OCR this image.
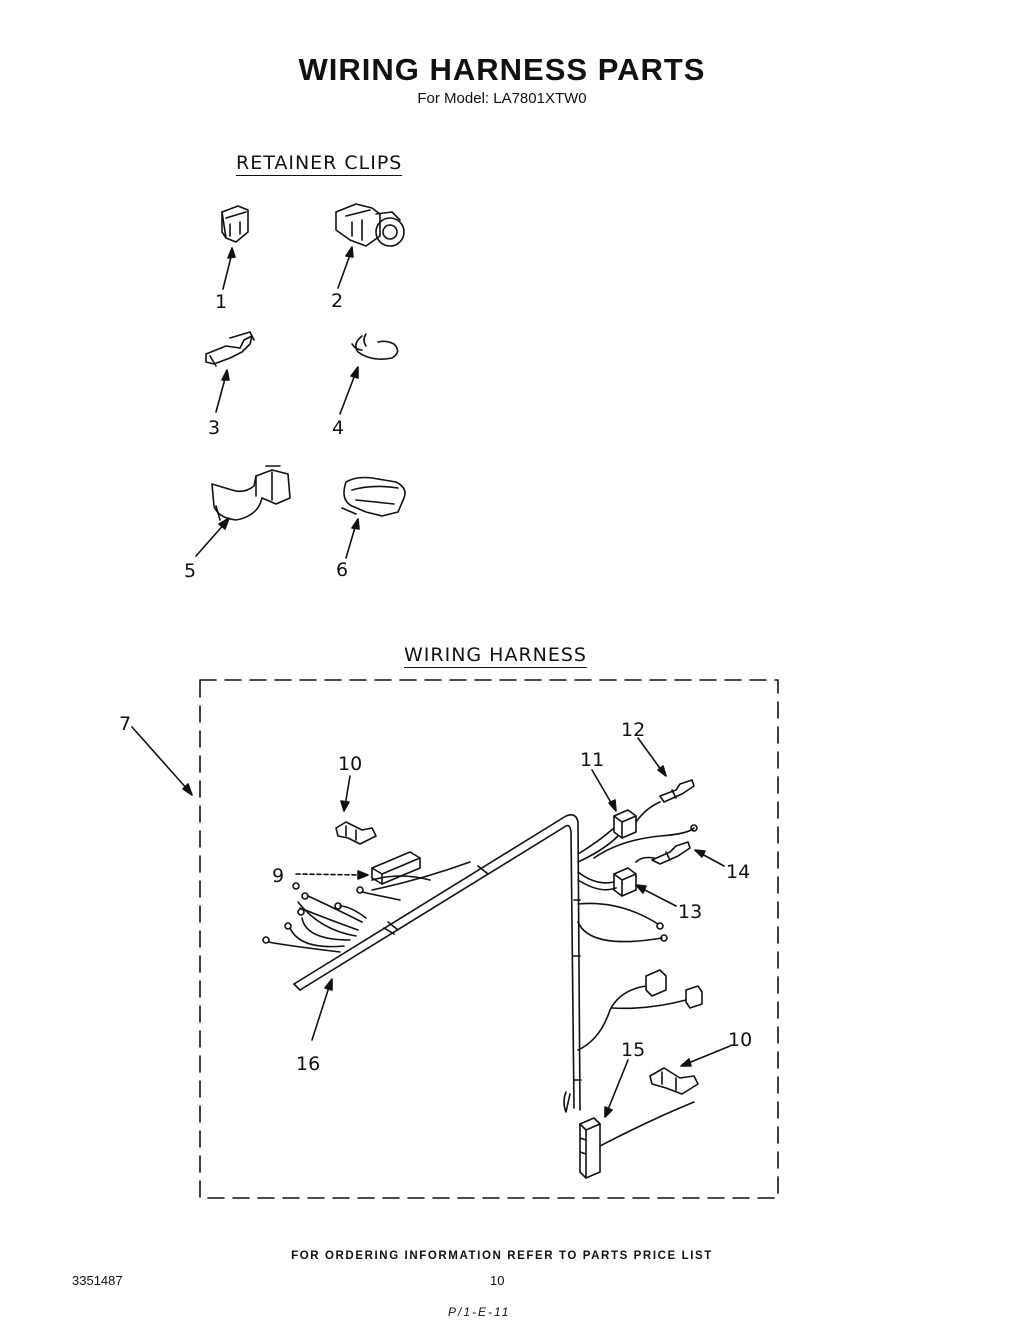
WIRING HARNESS PARTS
For Model: LA7801XTW0
RETAINER CLIPS
WIRING HARNESS
1	2
3	4
5	6
7
9
10
10
11
12
13
14
15
16
FOR ORDERING INFORMATION REFER TO PARTS PRICE LIST
3351487	10
P/1-E-11
